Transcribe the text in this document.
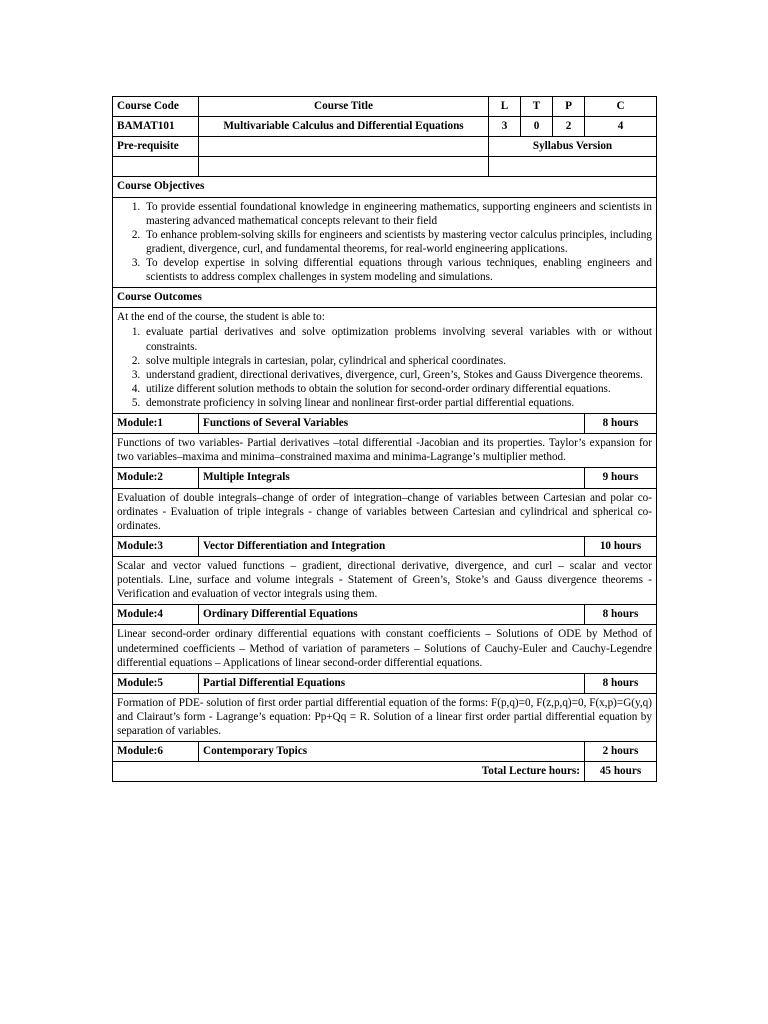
Course Code	Course Title	L	T	P	C
BAMAT101	Multivariable Calculus and Differential Equations	3	0	2	4
Pre-requisite		Syllabus Version			

Course Objectives					

1. To provide essential foundational knowledge in engineering mathematics, supporting engineers and scientists in mastering advanced mathematical concepts relevant to their field
2. To enhance problem-solving skills for engineers and scientists by mastering vector calculus principles, including gradient, divergence, curl, and fundamental theorems, for real-world engineering applications.
3. To develop expertise in solving differential equations through various techniques, enabling engineers and scientists to address complex challenges in system modeling and simulations.

Course Outcomes					

At the end of the course, the student is able to:
1. evaluate partial derivatives and solve optimization problems involving several variables with or without constraints.
2. solve multiple integrals in cartesian, polar, cylindrical and spherical coordinates.
3. understand gradient, directional derivatives, divergence, curl, Green’s, Stokes and Gauss Divergence theorems.
4. utilize different solution methods to obtain the solution for second-order ordinary differential equations.
5. demonstrate proficiency in solving linear and nonlinear first-order partial differential equations.

Module:1	Functions of Several Variables				8 hours
Functions of two variables- Partial derivatives –total differential -Jacobian and its properties. Taylor’s expansion for two variables–maxima and minima–constrained maxima and minima-Lagrange’s multiplier method.					
Module:2	Multiple Integrals				9 hours
Evaluation of double integrals–change of order of integration–change of variables between Cartesian and polar co-ordinates - Evaluation of triple integrals - change of variables between Cartesian and cylindrical and spherical co-ordinates.					
Module:3	Vector Differentiation and Integration				10 hours
Scalar and vector valued functions – gradient, directional derivative, divergence, and curl – scalar and vector potentials. Line, surface and volume integrals - Statement of Green’s, Stoke’s and Gauss divergence theorems - Verification and evaluation of vector integrals using them.					
Module:4	Ordinary Differential Equations				8 hours
Linear second-order ordinary differential equations with constant coefficients – Solutions of ODE by Method of undetermined coefficients – Method of variation of parameters – Solutions of Cauchy-Euler and Cauchy-Legendre differential equations – Applications of linear second-order differential equations.					
Module:5	Partial Differential Equations				8 hours
Formation of PDE- solution of first order partial differential equation of the forms: F(p,q)=0, F(z,p,q)=0, F(x,p)=G(y,q) and Clairaut’s form - Lagrange’s equation: Pp+Qq = R. Solution of a linear first order partial differential equation by separation of variables.					
Module:6	Contemporary Topics				2 hours
Total Lecture hours:					45 hours
